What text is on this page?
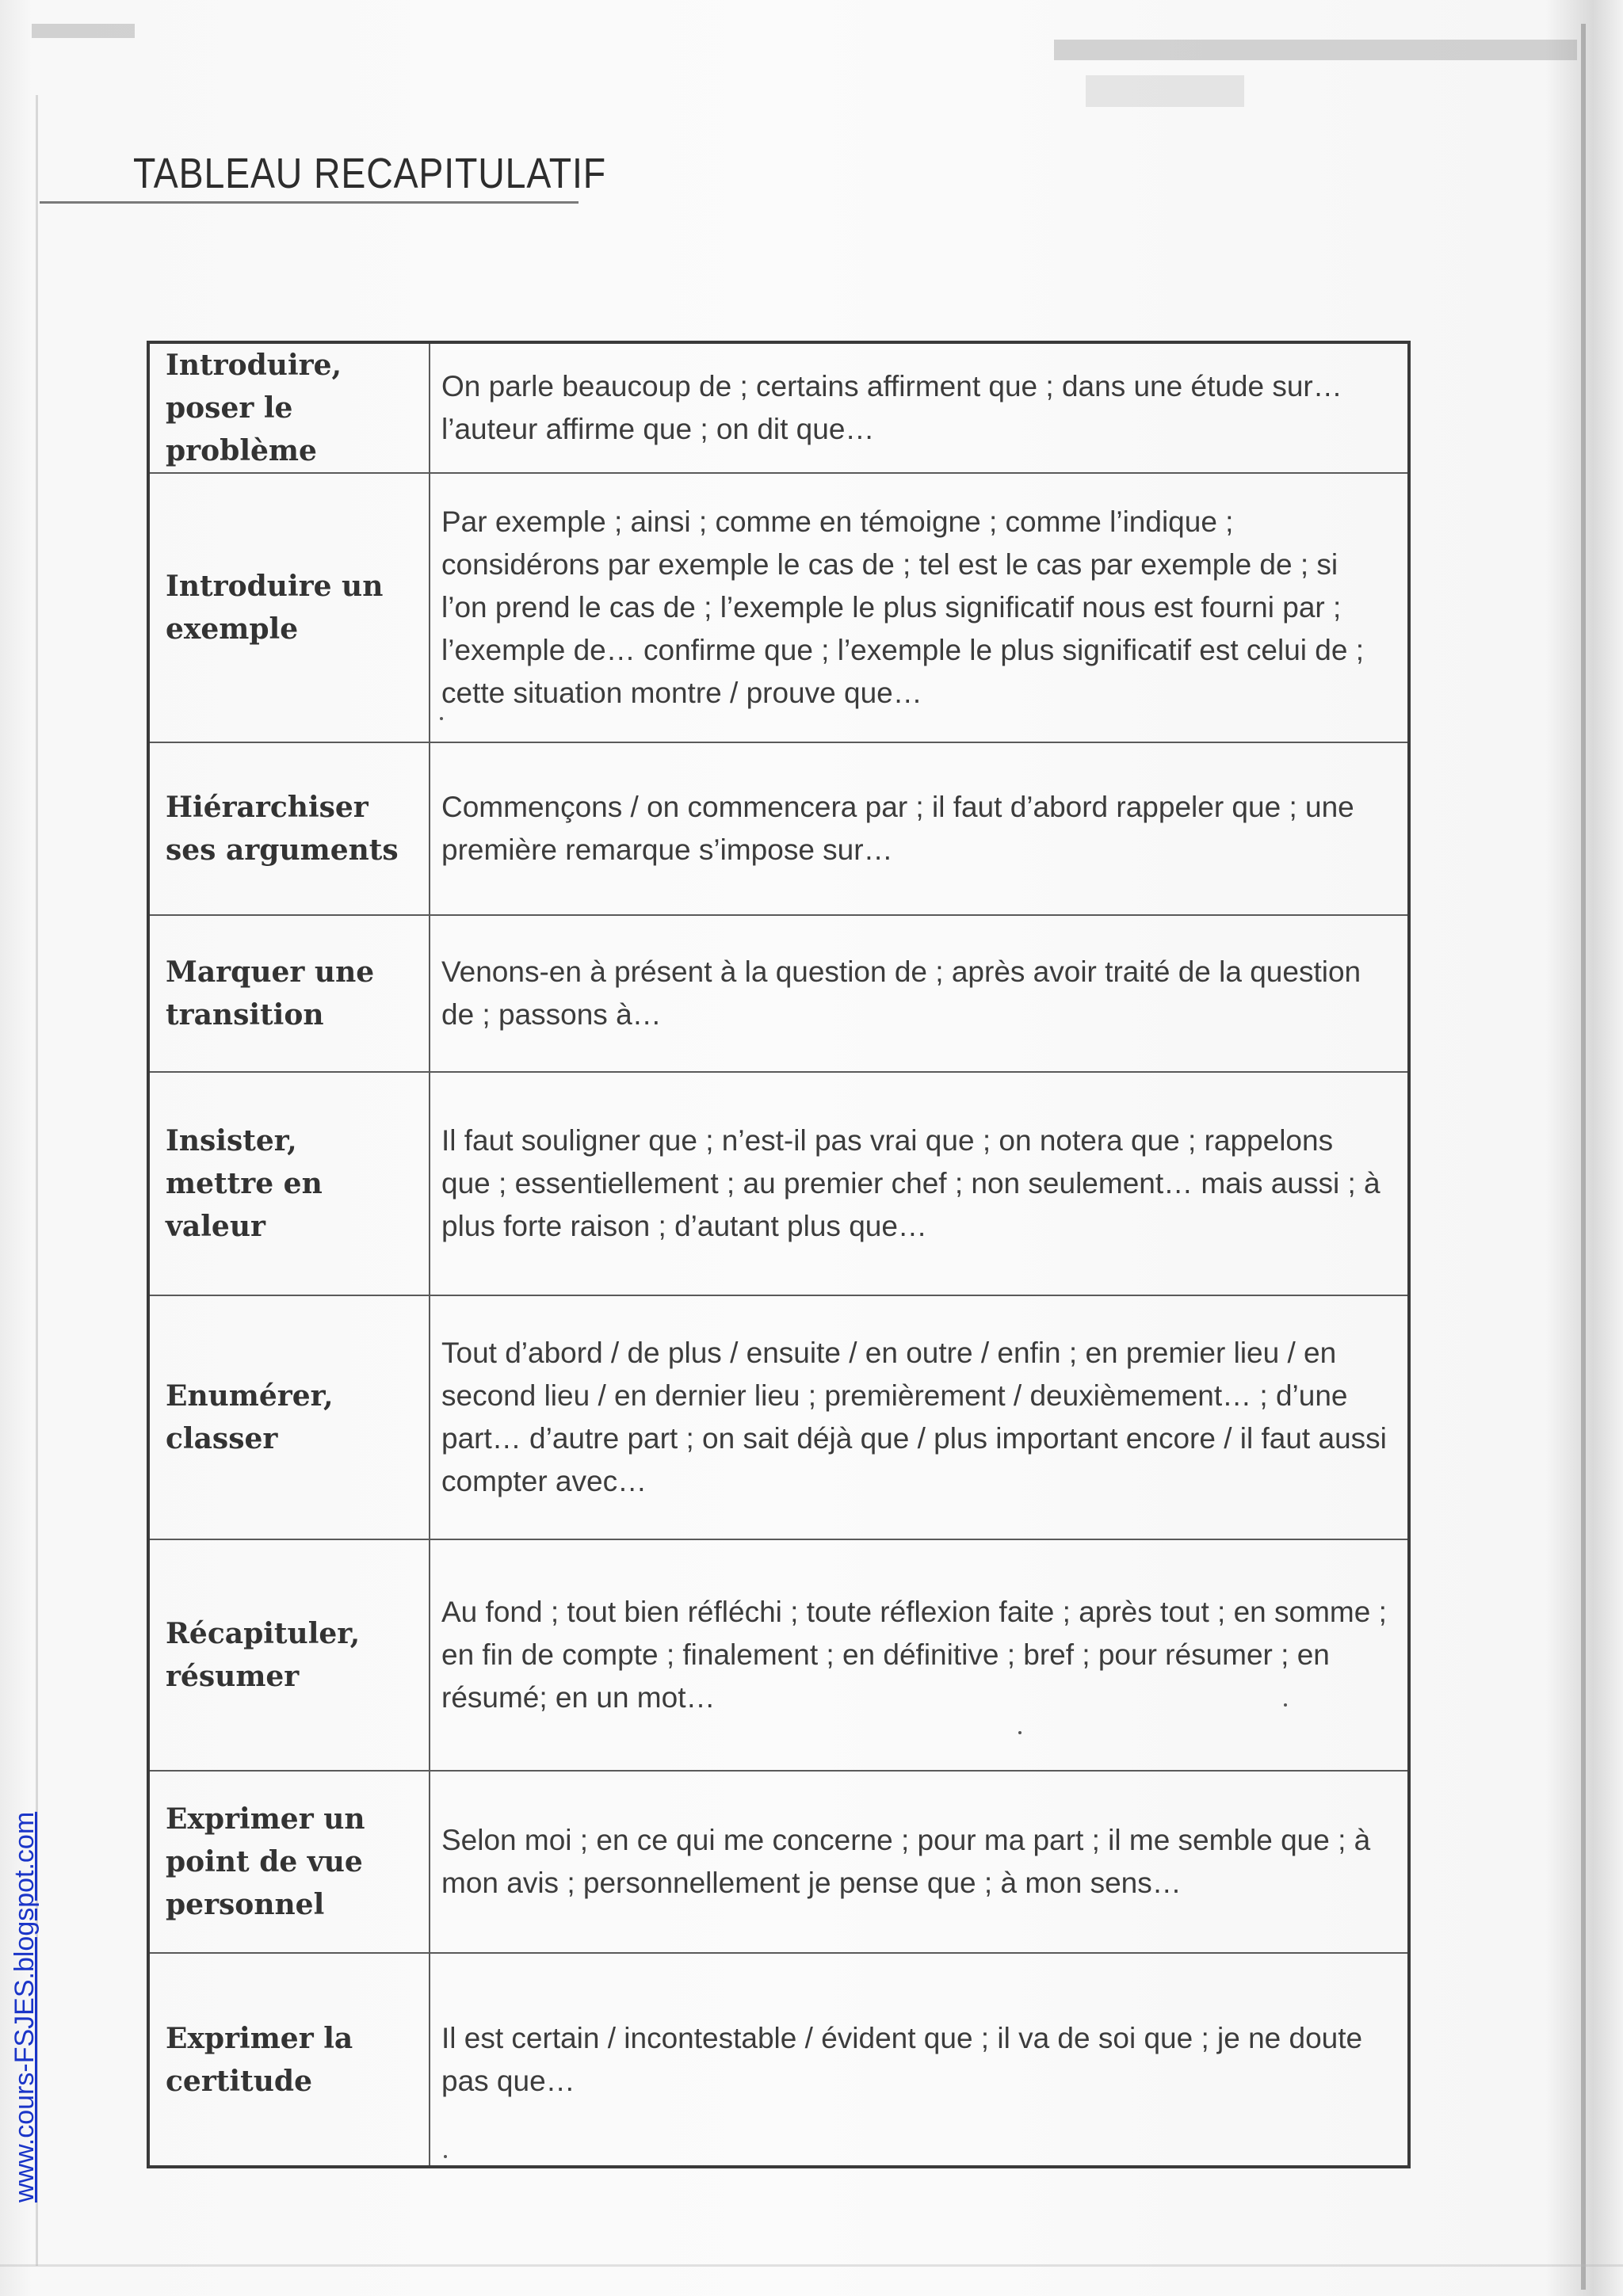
TABLEAU RECAPITULATIF
Introduire, poser le problème	On parle beaucoup de ; certains affirment que ; dans une étude sur… l’auteur affirme que ; on dit que…
Introduire un exemple	Par exemple ; ainsi ; comme en témoigne ; comme l’indique ; considérons par exemple le cas de ; tel est le cas par exemple de ; si l’on prend le cas de ; l’exemple le plus significatif nous est fourni par ; l’exemple de… confirme que ; l’exemple le plus significatif est celui de ; cette situation montre / prouve que…
Hiérarchiser ses arguments	Commençons / on commencera par ; il faut d’abord rappeler que ; une première remarque s’impose sur…
Marquer une transition	Venons-en à présent à la question de ; après avoir traité de la question de ; passons à…
Insister, mettre en valeur	Il faut souligner que ; n’est-il pas vrai que ; on notera que ; rappelons que ; essentiellement ; au premier chef ; non seulement… mais aussi ; à plus forte raison ; d’autant plus que…
Enumérer, classer	Tout d’abord / de plus / ensuite / en outre / enfin ; en premier lieu / en second lieu / en dernier lieu ; premièrement / deuxièmement… ; d’une part… d’autre part ; on sait déjà que / plus important encore / il faut aussi compter avec…
Récapituler, résumer	Au fond ; tout bien réfléchi ; toute réflexion faite ; après tout ; en somme ; en fin de compte ; finalement ; en définitive ; bref ; pour résumer ; en résumé; en un mot…
Exprimer un point de vue personnel	Selon moi ; en ce qui me concerne ; pour ma part ; il me semble que ; à mon avis ; personnellement je pense que ; à mon sens…
Exprimer la certitude	Il est certain / incontestable / évident que ; il va de soi que ; je ne doute pas que…
www.cours-FSJES.blogspot.com
